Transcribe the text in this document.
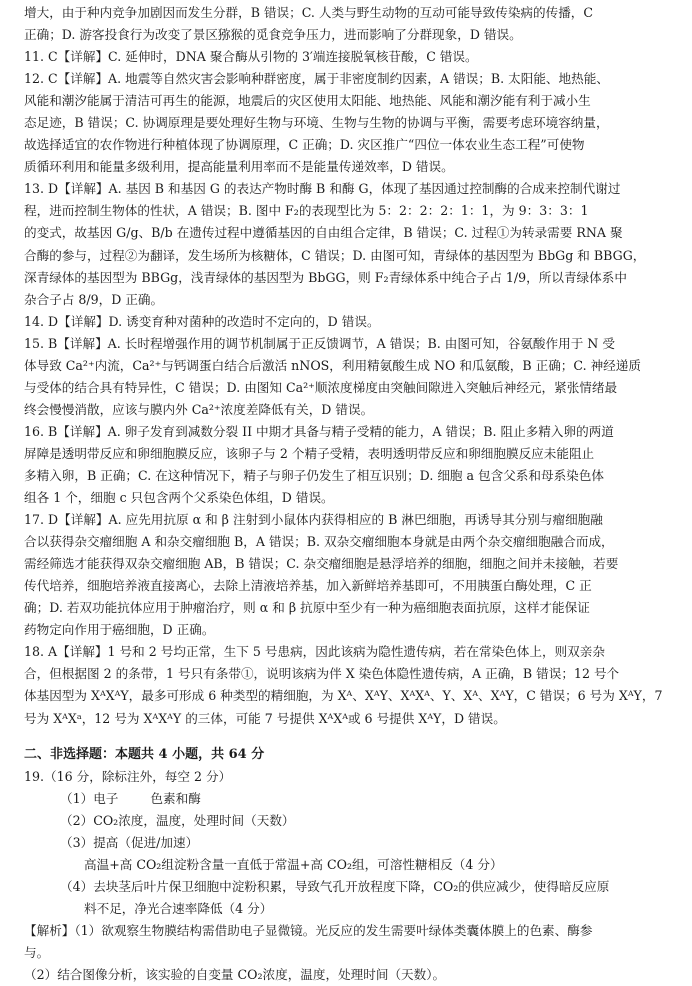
增大，由于种内竞争加剧因而发生分群，B 错误；C. 人类与野生动物的互动可能导致传染病的传播，C

正确；D. 游客投食行为改变了景区猕猴的觅食竞争压力，进而影响了分群现象，D 错误。

11. C【详解】C. 延伸时，DNA 聚合酶从引物的 3′端连接脱氧核苷酸，C 错误。

12. C【详解】A. 地震等自然灾害会影响种群密度，属于非密度制约因素，A 错误；B. 太阳能、地热能、

风能和潮汐能属于清洁可再生的能源，地震后的灾区使用太阳能、地热能、风能和潮汐能有利于减小生

态足迹，B 错误；C. 协调原理是要处理好生物与环境、生物与生物的协调与平衡，需要考虑环境容纳量，

故选择适宜的农作物进行种植体现了协调原理，C 正确；D. 灾区推广“四位一体农业生态工程”可使物

质循环利用和能量多级利用，提高能量利用率而不是能量传递效率，D 错误。

13. D【详解】A. 基因 B 和基因 G 的表达产物时酶 B 和酶 G，体现了基因通过控制酶的合成来控制代谢过

程，进而控制生物体的性状，A 错误；B. 图中 F₂的表现型比为 5：2：2：2：1：1，为 9：3：3：1

的变式，故基因 G/g、B/b 在遗传过程中遵循基因的自由组合定律，B 错误；C. 过程①为转录需要 RNA 聚

合酶的参与，过程②为翻译，发生场所为核糖体，C 错误；D. 由图可知，青绿体的基因型为 BbGg 和 BBGG，

深青绿体的基因型为 BBGg，浅青绿体的基因型为 BbGG，则 F₂青绿体系中纯合子占 1/9，所以青绿体系中

杂合子占 8/9，D 正确。

14. D【详解】D. 诱变育种对菌种的改造时不定向的，D 错误。

15. B【详解】A. 长时程增强作用的调节机制属于正反馈调节，A 错误；B. 由图可知，谷氨酸作用于 N 受

体导致 Ca²⁺内流，Ca²⁺与钙调蛋白结合后激活 nNOS，利用精氨酸生成 NO 和瓜氨酸，B 正确；C. 神经递质

与受体的结合具有特异性，C 错误；D. 由图知 Ca²⁺顺浓度梯度由突触间隙进入突触后神经元，紧张情绪最

终会慢慢消散，应该与膜内外 Ca²⁺浓度差降低有关，D 错误。

16. B【详解】A. 卵子发育到减数分裂 II 中期才具备与精子受精的能力，A 错误；B. 阻止多精入卵的两道

屏障是透明带反应和卵细胞膜反应，该卵子与 2 个精子受精，表明透明带反应和卵细胞膜反应未能阻止

多精入卵，B 正确；C. 在这种情况下，精子与卵子仍发生了相互识别；D. 细胞 a 包含父系和母系染色体

组各 1 个，细胞 c 只包含两个父系染色体组，D 错误。

17. D【详解】A. 应先用抗原 α 和 β 注射到小鼠体内获得相应的 B 淋巴细胞，再诱导其分别与瘤细胞融

合以获得杂交瘤细胞 A 和杂交瘤细胞 B，A 错误；B. 双杂交瘤细胞本身就是由两个杂交瘤细胞融合而成，

需经筛选才能获得双杂交瘤细胞 AB，B 错误；C. 杂交瘤细胞是悬浮培养的细胞，细胞之间并未接触，若要

传代培养，细胞培养液直接离心，去除上清液培养基，加入新鲜培养基即可，不用胰蛋白酶处理，C 正

确；D. 若双功能抗体应用于肿瘤治疗，则 α 和 β 抗原中至少有一种为癌细胞表面抗原，这样才能保证

药物定向作用于癌细胞，D 正确。

18. A【详解】1 号和 2 号均正常，生下 5 号患病，因此该病为隐性遗传病，若在常染色体上，则双亲杂

合，但根据图 2 的条带，1 号只有条带①，说明该病为伴 X 染色体隐性遗传病，A 正确，B 错误；12 号个

体基因型为 XᴬXᴬY，最多可形成 6 种类型的精细胞，为 Xᴬ、XᴬY、XᴬXᴬ、Y、Xᴬ、XᴬY，C 错误；6 号为 XᴬY，7

号为 XᴬXᵃ，12 号为 XᴬXᴬY 的三体，可能 7 号提供 XᴬXᴬ或 6 号提供 XᴬY，D 错误。

二、非选择题：本题共 4 小题，共 64 分

19.（16 分，除标注外，每空 2 分）

（1）电子        色素和酶

（2）CO₂浓度，温度，处理时间（天数）

（3）提高（促进/加速）

高温+高 CO₂组淀粉含量一直低于常温+高 CO₂组，可溶性糖相反（4 分）

（4）去块茎后叶片保卫细胞中淀粉积累，导致气孔开放程度下降，CO₂的供应减少，使得暗反应原

料不足，净光合速率降低（4 分）

【解析】（1）欲观察生物膜结构需借助电子显微镜。光反应的发生需要叶绿体类囊体膜上的色素、酶参

与。

（2）结合图像分析，该实验的自变量 CO₂浓度，温度，处理时间（天数）。
